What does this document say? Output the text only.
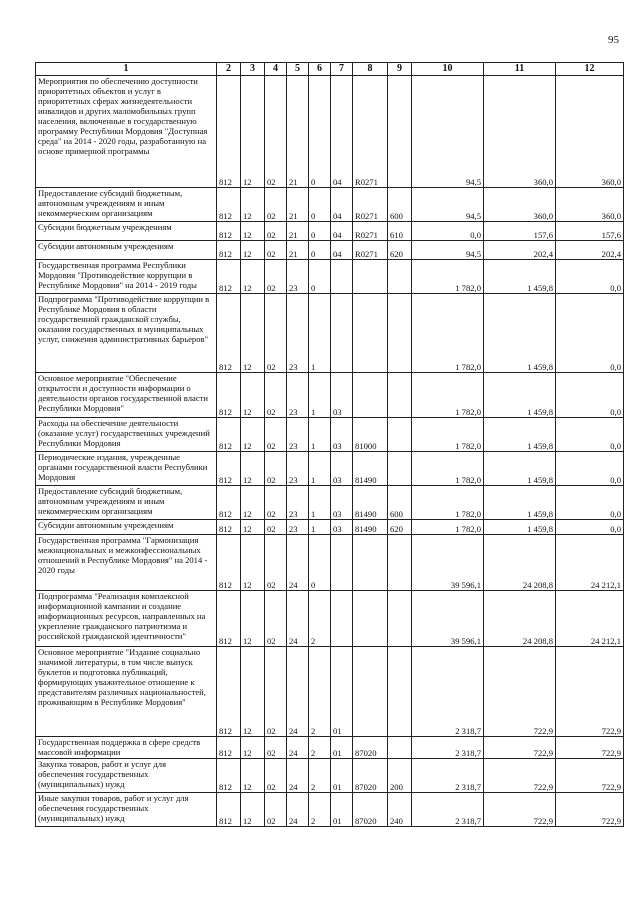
95
1	2	3	4	5	6	7	8	9	10	11	12
Мероприятия по обеспечению доступности приоритетных объектов и услуг в приоритетных сферах жизнедеятельности инвалидов и других маломобильных групп населения, включенные в государственную программу Республики Мордовия "Доступная среда" на 2014 - 2020 годы, разработанную на основе примерной программы	812	12	02	21	0	04	R0271		94,5	360,0	360,0
Предоставление субсидий бюджетным, автономным учреждениям и иным некоммерческим организациям	812	12	02	21	0	04	R0271	600	94,5	360,0	360,0
Субсидии бюджетным учреждениям	812	12	02	21	0	04	R0271	610	0,0	157,6	157,6
Субсидии автономным учреждениям	812	12	02	21	0	04	R0271	620	94,5	202,4	202,4
Государственная программа Республики Мордовия "Противодействие коррупции в Республике Мордовия" на 2014 - 2019 годы	812	12	02	23	0				1 782,0	1 459,8	0,0
Подпрограмма "Противодействие коррупции в Республике Мордовия в области государственной гражданской службы, оказания государственных и муниципальных услуг, снижения административных барьеров"	812	12	02	23	1				1 782,0	1 459,8	0,0
Основное мероприятие "Обеспечение открытости и доступности информации о деятельности органов государственной власти Республики Мордовия"	812	12	02	23	1	03			1 782,0	1 459,8	0,0
Расходы на обеспечение деятельности (оказание услуг) государственных учреждений Республики Мордовия	812	12	02	23	1	03	81000		1 782,0	1 459,8	0,0
Периодические издания, учрежденные органами государственной власти Республики Мордовия	812	12	02	23	1	03	81490		1 782,0	1 459,8	0,0
Предоставление субсидий бюджетным, автономным учреждениям и иным некоммерческим организациям	812	12	02	23	1	03	81490	600	1 782,0	1 459,8	0,0
Субсидии автономным учреждениям	812	12	02	23	1	03	81490	620	1 782,0	1 459,8	0,0
Государственная программа "Гармонизация межнациональных и межконфессиональных отношений в Республике Мордовия" на 2014 - 2020 годы	812	12	02	24	0				39 596,1	24 208,8	24 212,1
Подпрограмма "Реализация комплексной информационной кампании и создание информационных ресурсов, направленных на укрепление гражданского патриотизма и российской гражданской идентичности"	812	12	02	24	2				39 596,1	24 208,8	24 212,1
Основное мероприятие "Издание социально значимой литературы, в том числе выпуск буклетов и подготовка публикаций, формирующих уважительное отношение к представителям различных национальностей, проживающим в Республике Мордовия"	812	12	02	24	2	01			2 318,7	722,9	722,9
Государственная поддержка в сфере средств массовой информации	812	12	02	24	2	01	87020		2 318,7	722,9	722,9
Закупка товаров, работ и услуг для обеспечения государственных (муниципальных) нужд	812	12	02	24	2	01	87020	200	2 318,7	722,9	722,9
Иные закупки товаров, работ и услуг для обеспечения государственных (муниципальных) нужд	812	12	02	24	2	01	87020	240	2 318,7	722,9	722,9
